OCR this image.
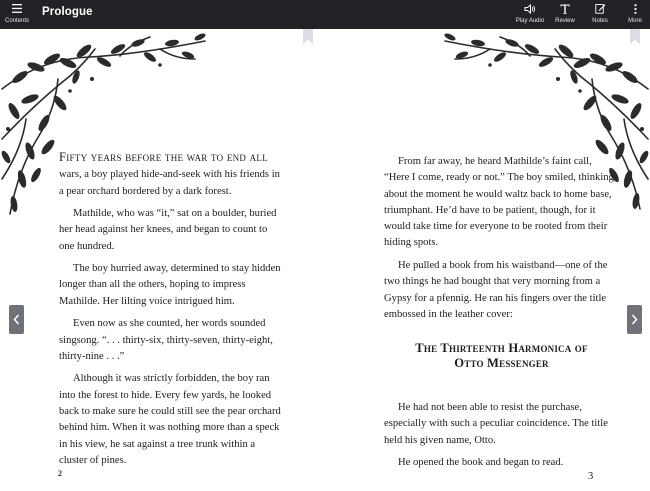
Contents
Prologue
Play Audio Review	Notes	More

Fifty years before the war to end all wars, a boy played hide-and-seek with his friends in a pear orchard bordered by a dark forest.

Mathilde, who was “it,” sat on a boulder, buried her head against her knees, and began to count to one hundred.

The boy hurried away, determined to stay hidden longer than all the others, hoping to impress Mathilde. Her lilting voice intrigued him.

Even now as she counted, her words sounded singsong. “. . . thirty-six, thirty-seven, thirty-eight, thirty-nine . . .”

Although it was strictly forbidden, the boy ran into the forest to hide. Every few yards, he looked back to make sure he could still see the pear orchard behind him. When it was nothing more than a speck in his view, he sat against a tree trunk within a cluster of pines.

2

From far away, he heard Mathilde’s faint call, “Here I come, ready or not.” The boy smiled, thinking about the moment he would waltz back to home base, triumphant. He’d have to be patient, though, for it would take time for everyone to be rooted from their hiding spots.

He pulled a book from his waistband—one of the two things he had bought that very morning from a Gypsy for a pfennig. He ran his fingers over the title embossed in the leather cover:

The Thirteenth Harmonica of
Otto Messenger

He had not been able to resist the purchase, especially with such a peculiar coincidence. The title held his given name, Otto.

He opened the book and began to read.

3
